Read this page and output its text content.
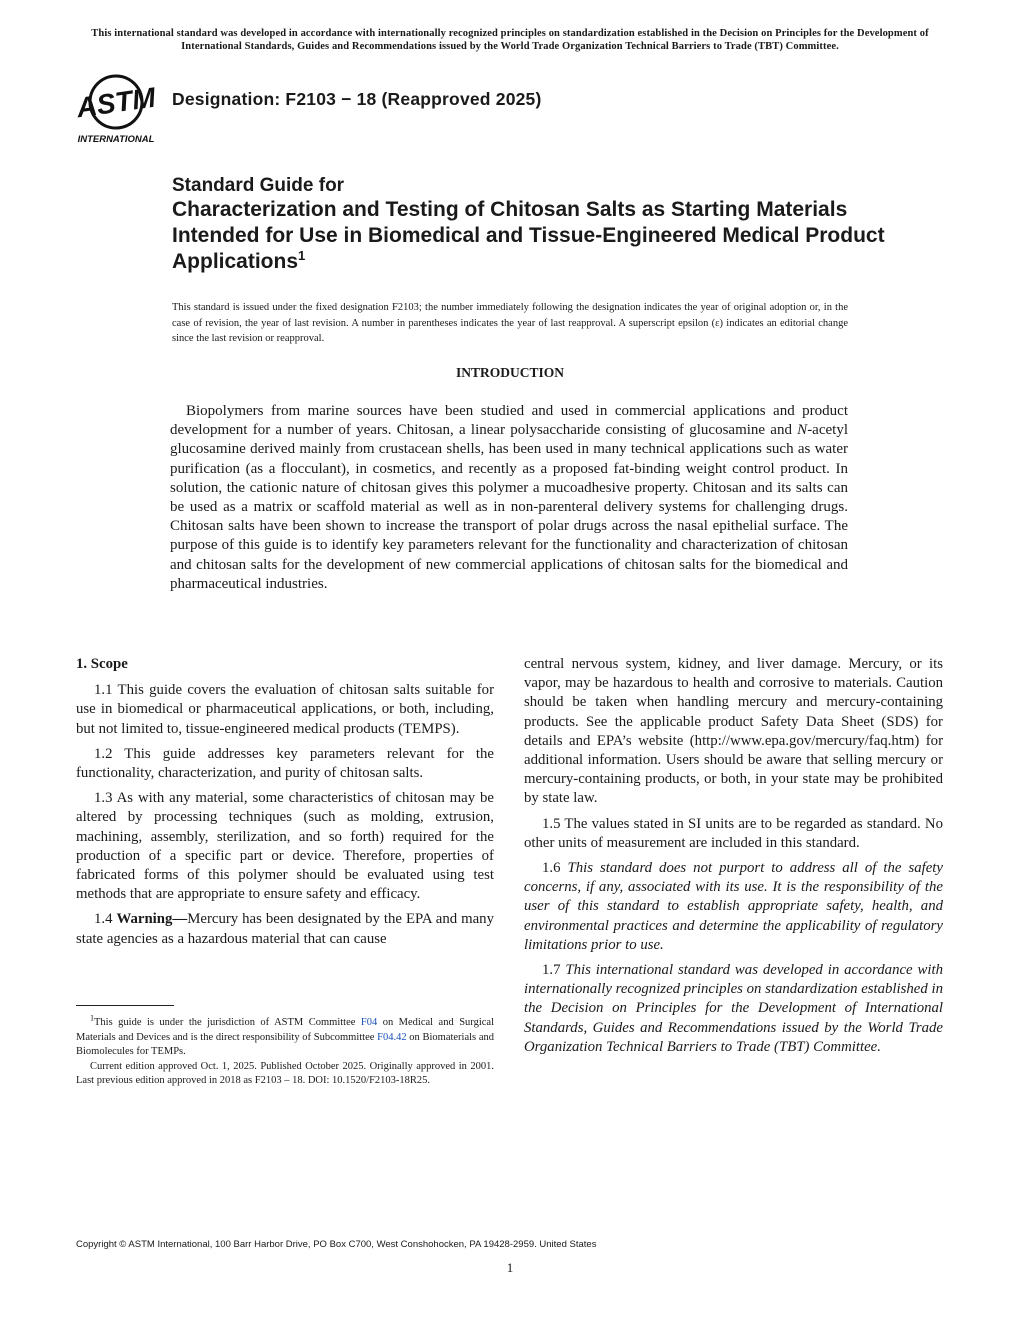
This international standard was developed in accordance with internationally recognized principles on standardization established in the Decision on Principles for the Development of International Standards, Guides and Recommendations issued by the World Trade Organization Technical Barriers to Trade (TBT) Committee.
ASTM
INTERNATIONAL
Designation: F2103 − 18 (Reapproved 2025)
Standard Guide for
Characterization and Testing of Chitosan Salts as Starting Materials Intended for Use in Biomedical and Tissue-Engineered Medical Product Applications$^1$
This standard is issued under the fixed designation F2103; the number immediately following the designation indicates the year of original adoption or, in the case of revision, the year of last revision. A number in parentheses indicates the year of last reapproval. A superscript epsilon (ε) indicates an editorial change since the last revision or reapproval.
INTRODUCTION

Biopolymers from marine sources have been studied and used in commercial applications and product development for a number of years. Chitosan, a linear polysaccharide consisting of glucosamine and N-acetyl glucosamine derived mainly from crustacean shells, has been used in many technical applications such as water purification (as a flocculant), in cosmetics, and recently as a proposed fat-binding weight control product. In solution, the cationic nature of chitosan gives this polymer a mucoadhesive property. Chitosan and its salts can be used as a matrix or scaffold material as well as in non-parenteral delivery systems for challenging drugs. Chitosan salts have been shown to increase the transport of polar drugs across the nasal epithelial surface. The purpose of this guide is to identify key parameters relevant for the functionality and characterization of chitosan and chitosan salts for the development of new commercial applications of chitosan salts for the biomedical and pharmaceutical industries.

1. Scope

1.1 This guide covers the evaluation of chitosan salts suitable for use in biomedical or pharmaceutical applications, or both, including, but not limited to, tissue-engineered medical products (TEMPS).

1.2 This guide addresses key parameters relevant for the functionality, characterization, and purity of chitosan salts.

1.3 As with any material, some characteristics of chitosan may be altered by processing techniques (such as molding, extrusion, machining, assembly, sterilization, and so forth) required for the production of a specific part or device. Therefore, properties of fabricated forms of this polymer should be evaluated using test methods that are appropriate to ensure safety and efficacy.

1.4 Warning—Mercury has been designated by the EPA and many state agencies as a hazardous material that can cause

central nervous system, kidney, and liver damage. Mercury, or its vapor, may be hazardous to health and corrosive to materials. Caution should be taken when handling mercury and mercury-containing products. See the applicable product Safety Data Sheet (SDS) for details and EPA’s website (http://www.epa.gov/mercury/faq.htm) for additional information. Users should be aware that selling mercury or mercury-containing products, or both, in your state may be prohibited by state law.

1.5 The values stated in SI units are to be regarded as standard. No other units of measurement are included in this standard.

1.6 This standard does not purport to address all of the safety concerns, if any, associated with its use. It is the responsibility of the user of this standard to establish appropriate safety, health, and environmental practices and determine the applicability of regulatory limitations prior to use.

1.7 This international standard was developed in accordance with internationally recognized principles on standardization established in the Decision on Principles for the Development of International Standards, Guides and Recommendations issued by the World Trade Organization Technical Barriers to Trade (TBT) Committee.

$^1$This guide is under the jurisdiction of ASTM Committee F04 on Medical and Surgical Materials and Devices and is the direct responsibility of Subcommittee F04.42 on Biomaterials and Biomolecules for TEMPs.

Current edition approved Oct. 1, 2025. Published October 2025. Originally approved in 2001. Last previous edition approved in 2018 as F2103 – 18. DOI: 10.1520/F2103-18R25.

Copyright © ASTM International, 100 Barr Harbor Drive, PO Box C700, West Conshohocken, PA 19428-2959. United States
1
